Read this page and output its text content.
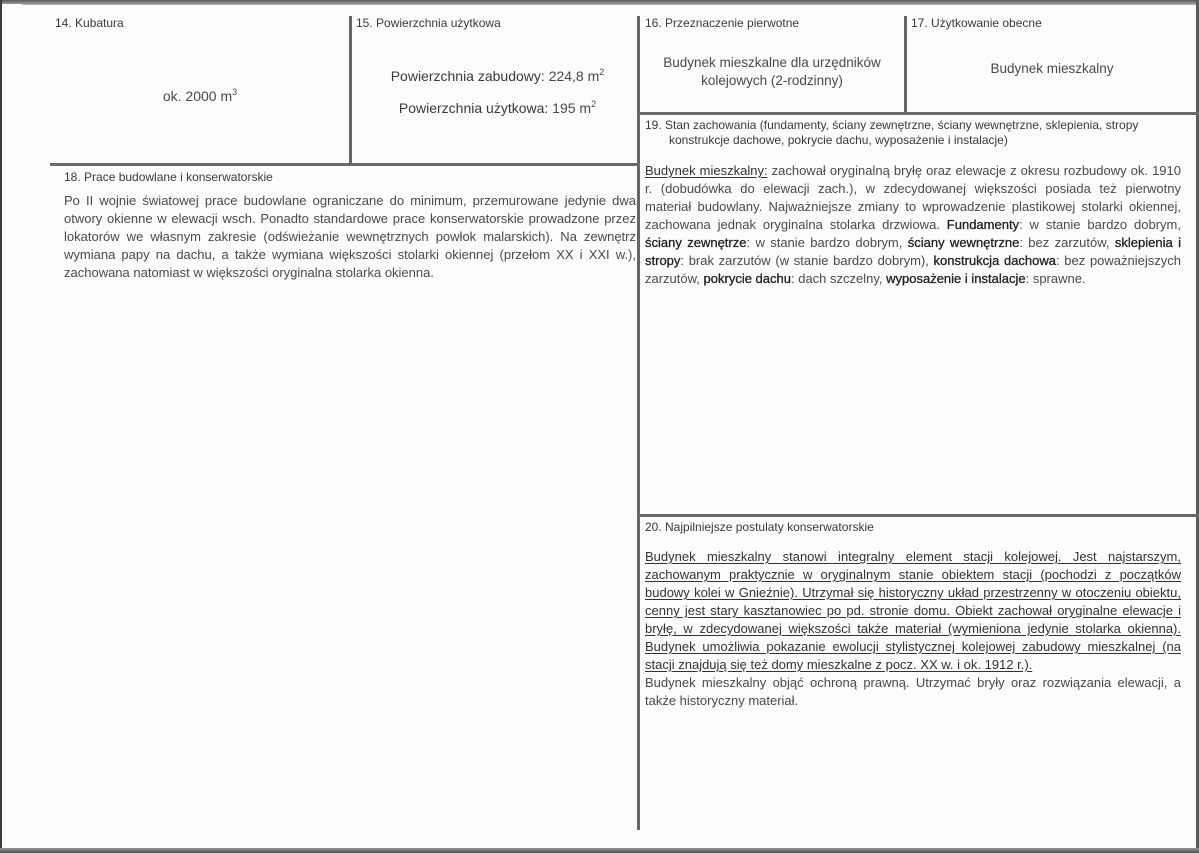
14. Kubatura
ok. 2000 $m^3$
15. Powierzchnia użytkowa
Powierzchnia zabudowy: 224,8 $m^2$
Powierzchnia użytkowa: 195 $m^2$
16. Przeznaczenie pierwotne
Budynek mieszkalne dla urzędników
kolejowych (2-rodzinny)
17. Użytkowanie obecne
Budynek mieszkalny
18. Prace budowlane i konserwatorskie
Po II wojnie światowej prace budowlane ograniczane do minimum, przemurowane jedynie dwa otwory okienne w elewacji wsch. Ponadto standardowe prace konserwatorskie prowadzone przez lokatorów we własnym zakresie (odświeżanie wewnętrznych powłok malarskich). Na zewnętrz wymiana papy na dachu, a także wymiana większości stolarki okiennej (przełom XX i XXI w.), zachowana natomiast w większości oryginalna stolarka okienna.
19. Stan zachowania (fundamenty, ściany zewnętrzne, ściany wewnętrzne, sklepienia, stropy
konstrukcje dachowe, pokrycie dachu, wyposażenie i instalacje)
Budynek mieszkalny: zachował oryginalną bryłę oraz elewacje z okresu rozbudowy ok. 1910 r. (dobudówka do elewacji zach.), w zdecydowanej większości posiada też pierwotny materiał budowlany. Najważniejsze zmiany to wprowadzenie plastikowej stolarki okiennej, zachowana jednak oryginalna stolarka drzwiowa. Fundamenty: w stanie bardzo dobrym, ściany zewnętrze: w stanie bardzo dobrym, ściany wewnętrzne: bez zarzutów, sklepienia i stropy: brak zarzutów (w stanie bardzo dobrym), konstrukcja dachowa: bez poważniejszych zarzutów, pokrycie dachu: dach szczelny, wyposażenie i instalacje: sprawne.
20. Najpilniejsze postulaty konserwatorskie
Budynek mieszkalny stanowi integralny element stacji kolejowej. Jest najstarszym, zachowanym praktycznie w oryginalnym stanie obiektem stacji (pochodzi z początków budowy kolei w Gnieźnie). Utrzymał się historyczny układ przestrzenny w otoczeniu obiektu, cenny jest stary kasztanowiec po pd. stronie domu. Obiekt zachował oryginalne elewacje i bryłę, w zdecydowanej większości także materiał (wymieniona jedynie stolarka okienna). Budynek umożliwia pokazanie ewolucji stylistycznej kolejowej zabudowy mieszkalnej (na stacji znajdują się też domy mieszkalne z pocz. XX w. i ok. 1912 r.).
Budynek mieszkalny objąć ochroną prawną. Utrzymać bryły oraz rozwiązania elewacji, a także historyczny materiał.
